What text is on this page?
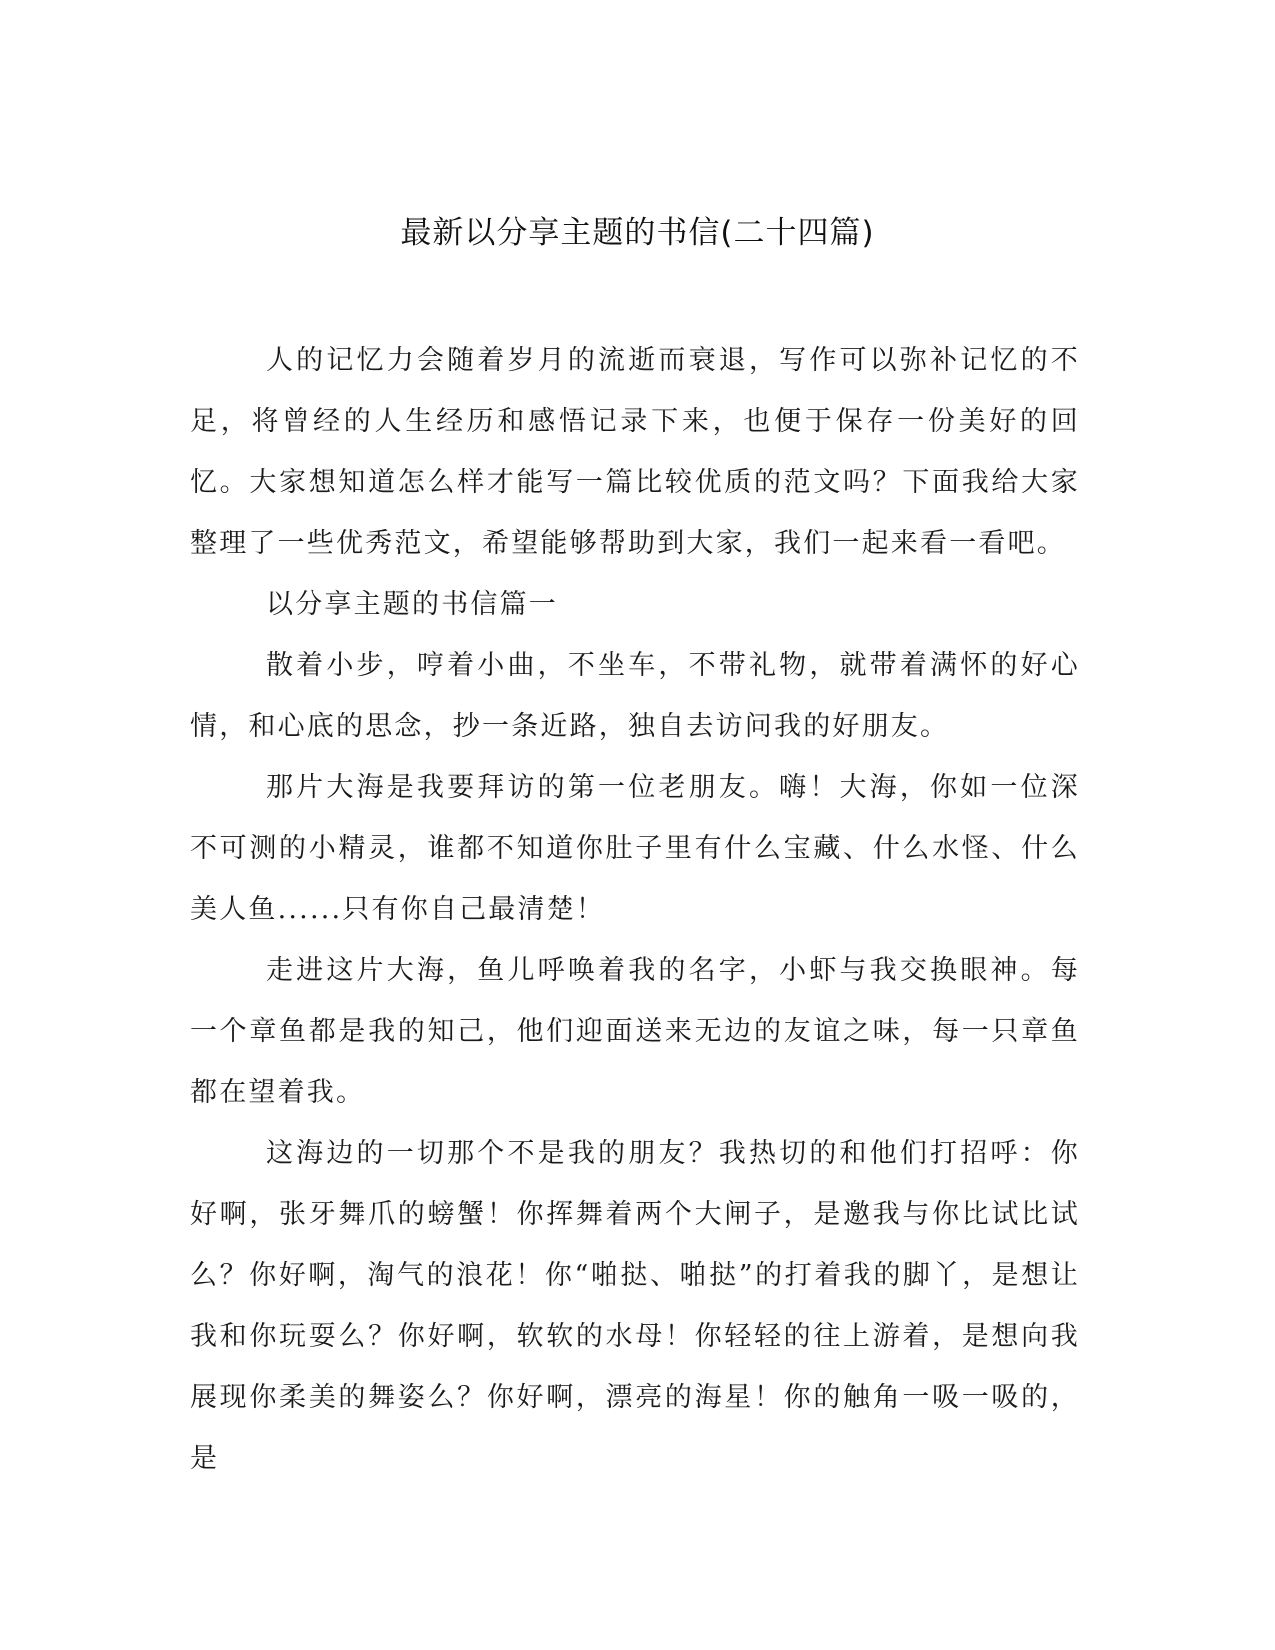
最新以分享主题的书信(二十四篇)

人的记忆力会随着岁月的流逝而衰退，写作可以弥补记忆的不足，将曾经的人生经历和感悟记录下来，也便于保存一份美好的回忆。大家想知道怎么样才能写一篇比较优质的范文吗？下面我给大家整理了一些优秀范文，希望能够帮助到大家，我们一起来看一看吧。

以分享主题的书信篇一

散着小步，哼着小曲，不坐车，不带礼物，就带着满怀的好心情，和心底的思念，抄一条近路，独自去访问我的好朋友。

那片大海是我要拜访的第一位老朋友。嗨！大海，你如一位深不可测的小精灵，谁都不知道你肚子里有什么宝藏、什么水怪、什么美人鱼......只有你自己最清楚！

走进这片大海，鱼儿呼唤着我的名字，小虾与我交换眼神。每一个章鱼都是我的知己，他们迎面送来无边的友谊之味，每一只章鱼都在望着我。

这海边的一切那个不是我的朋友？我热切的和他们打招呼：你好啊，张牙舞爪的螃蟹！你挥舞着两个大闸子，是邀我与你比试比试么？你好啊，淘气的浪花！你“啪挞、啪挞”的打着我的脚丫，是想让我和你玩耍么？你好啊，软软的水母！你轻轻的往上游着，是想向我展现你柔美的舞姿么？你好啊，漂亮的海星！你的触角一吸一吸的，是
